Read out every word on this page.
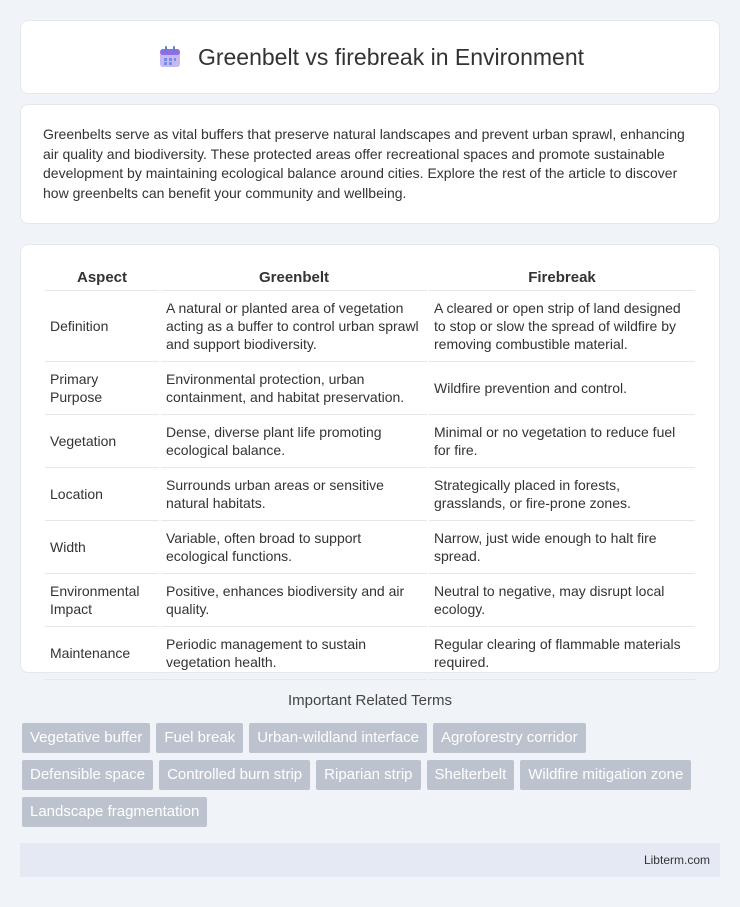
Greenbelt vs firebreak in Environment

Greenbelts serve as vital buffers that preserve natural landscapes and prevent urban sprawl, enhancing air quality and biodiversity. These protected areas offer recreational spaces and promote sustainable development by maintaining ecological balance around cities. Explore the rest of the article to discover how greenbelts can benefit your community and wellbeing.

Aspect	Greenbelt	Firebreak
Definition	A natural or planted area of vegetation acting as a buffer to control urban sprawl and support biodiversity.	A cleared or open strip of land designed to stop or slow the spread of wildfire by removing combustible material.
Primary Purpose	Environmental protection, urban containment, and habitat preservation.	Wildfire prevention and control.
Vegetation	Dense, diverse plant life promoting ecological balance.	Minimal or no vegetation to reduce fuel for fire.
Location	Surrounds urban areas or sensitive natural habitats.	Strategically placed in forests, grasslands, or fire-prone zones.
Width	Variable, often broad to support ecological functions.	Narrow, just wide enough to halt fire spread.
Environmental Impact	Positive, enhances biodiversity and air quality.	Neutral to negative, may disrupt local ecology.
Maintenance	Periodic management to sustain vegetation health.	Regular clearing of flammable materials required.
Important Related Terms
Vegetative buffer	Fuel break	Urban-wildland interface	Agroforestry corridor
Defensible space	Controlled burn strip	Riparian strip	Shelterbelt	Wildfire mitigation zone
Landscape fragmentation
Libterm.com
